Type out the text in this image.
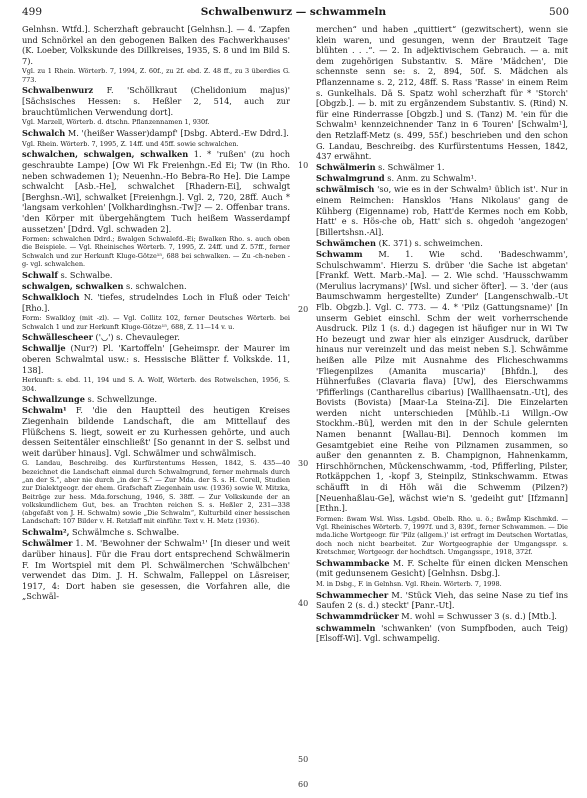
499	Schwalbenwurz — schwammeln	500

Gelnhsn. Wtfd.]. Scherzhaft gebraucht [Gelnhsn.]. — 4. 'Zapfen und Schnörkel an den gebogenen Balken des Fachwerkhauses' (K. Loeber, Volkskunde des Dillkreises, 1935, S. 8 und im Bild S. 7).

Vgl. zu 1 Rhein. Wörterb. 7, 1994, Z. 60f., zu 2f. ebd. Z. 48 ff., zu 3 überdies G. 773.

Schwalbenwurz F. 'Schöllkraut (Chelidonium majus)' [Sächsisches Hessen: s. Heßler 2, 514, auch zur brauchtümlichen Verwendung dort].

Vgl. Marzell, Wörterb. d. dtschn. Pflanzennamen 1, 930f.

Schwalch M. '(heißer Wasser)dampf' [Dsbg. Abterd.-Ew Ddrd.].

Vgl. Rhein. Wörterb. 7, 1995, Z. 14ff. und 45ff. sowie schwalchen.

schwalchen, schwalgen, schwalken 1. * 'rußen' (zu hoch geschraubte Lampe) [Ow Wi Fk Freienhgn.-Ed Ei; Tw (in Rho. neben schwademen 1); Neuenhn.-Ho Bebra-Ro He]. Die Lampe schwalcht [Asb.-He], schwalchet [Rhadern-Ei], schwalgt [Berghsn.-Wi], schwalket [Freienhgn.]. Vgl. 2, 720, 28ff. Auch * 'langsam verkohlen' [Volkhardinghsn.-Tw]? — 2. Offenbar trans. 'den Körper mit übergehängtem Tuch heißem Wasserdampf aussetzen' [Ddrd. Vgl. schwaden 2].

Formen: schwalchen Ddrd.; ßwalgen Schwalefd.-Ei; ßwalken Rho. s. auch oben die Beispiele. — Vgl. Rheinisches Wörterb. 7, 1995, Z. 24ff. und Z. 57ff., ferner Schwalch und zur Herkunft Kluge-Götze¹⁵, 688 bei schwalken. — Zu -ch-neben -g- vgl. schwalchen.

Schwalf s. Schwalbe.

schwalgen, schwalken s. schwalchen.

Schwalkloch N. 'tiefes, strudelndes Loch in Fluß oder Teich' [Rho.].

Form: Swalkloχ (mit -zl). — Vgl. Collitz 102, ferner Deutsches Wörterb. bei Schwalch 1 und zur Herkunft Kluge-Götze¹⁵, 688, Z. 11—14 v. u.

Schwällescheer ('◡') s. Chevauleger.

Schwallje (Nur?) Pl. 'Kartoffeln' [Geheimspr. der Maurer im oberen Schwalmtal usw.: s. Hessische Blätter f. Volkskde. 11, 138].

Herkunft: s. ebd. 11, 194 und S. A. Wolf, Wörterb. des Rotwelschen, 1956, S. 304.

Schwallzunge s. Schwellzunge.

Schwalm¹ F. 'die den Hauptteil des heutigen Kreises Ziegenhain bildende Landschaft, die am Mittellauf des Flüßchens S. liegt, soweit er zu Kurhessen gehörte, und auch dessen Seitentäler einschließt' [So genannt in der S. selbst und weit darüber hinaus]. Vgl. Schwälmer und schwälmisch.

G. Landau, Beschreibg. des Kurfürstentums Hessen, 1842, S. 435—40 bezeichnet die Landschaft einmal durch Schwalmgrund, ferner mehrmals durch „an der S.“, aber nie durch „in der S.“ — Zur Mda. der S. s. H. Corell, Studien zur Dialektgeogr. der ehem. Grafschaft Ziegenhain usw. (1936) sowie W. Mitzka, Beiträge zur hess. Mda.forschung, 1946, S. 38ff. — Zur Volkskunde der an volkskundlichem Gut, bes. an Trachten reichen S. s. Heßler 2, 231—338 (abgefaßt von J. H. Schwalm) sowie „Die Schwalm“, Kulturbild einer hessischen Landschaft: 107 Bilder v. H. Retzlaff mit einführ. Text v. H. Metz (1936).

Schwalm², Schwälmche s. Schwalbe.

Schwälmer 1. M. 'Bewohner der Schwalm¹' [In dieser und weit darüber hinaus]. Für die Frau dort entsprechend Schwälmerin F. Im Wortspiel mit dem Pl. Schwälmerchen 'Schwälbchen' verwendet das Dim. J. H. Schwalm, Falleppel on Läsreiser, 1917, 4: Dort haben sie gesessen, die Vorfahren alle, die „Schwäl-

merchen“ und haben „quittiert“ (gezwitschert), wenn sie klein waren, und gesungen, wenn der Brautzeit Tage blühten . . .“. — 2. In adjektivischem Gebrauch. — a. mit dem zugehörigen Substantiv. S. Märe 'Mädchen', Die schennste senn se: s. 2, 894, 50f. S. Mädchen als Pflanzenname s. 2, 212, 48ff. S. Rass 'Rasse' in einem Reim s. Gunkelhals. Dä S. Spatz wohl scherzhaft für * 'Storch' [Obgzb.]. — b. mit zu ergänzendem Substantiv. S. (Rind) N. für eine Rinderrasse [Obgzb.] und S. (Tanz) M. 'ein für die Schwalm¹ kennzeichnender Tanz in 6 Touren' [Schwalm¹], den Retzlaff-Metz (s. 499, 55f.) beschrieben und den schon G. Landau, Beschreibg. des Kurfürstentums Hessen, 1842, 437 erwähnt.

Schwälmerin s. Schwälmer 1.

Schwalmgrund s. Anm. zu Schwalm¹.

schwälmisch 'so, wie es in der Schwalm¹ üblich ist'. Nur in einem Reimchen: Hansklos 'Hans Nikolaus' gang de Kühberg (Eigenname) rob, Hatt'de Kermes noch em Kobb, Hatt' e s. Hös-che ob, Hatt' sich s. ohgedoh 'angezogen' [Billertshsn.-Al].

Schwämchen (K. 371) s. schweimchen.

Schwamm M. 1. Wie schd. 'Badeschwamm', Schulschwamm'. Hierzu S. drüber 'die Sache ist abgetan' [Frankf. Wett. Marb.-Ma]. — 2. Wie schd. 'Hausschwamm (Merulius lacrymans)' [Wsl. und sicher öfter]. — 3. 'der (aus Baumschwamm hergestellte) Zunder' [Langenschwalb.-Ut Flb. Obgzb.]. Vgl. C. 773. — 4. * 'Pilz (Gattungsname)' [In unserm Gebiet einschl. Schm der weit vorherrschende Ausdruck. Pilz 1 (s. d.) dagegen ist häufiger nur in Wi Tw Ho bezeugt und zwar hier als einziger Ausdruck, darüber hinaus nur vereinzelt und das meist neben S.]. Schwämme heißen alle Pilze mit Ausnahme des Flicheschwamms 'Fliegenpilzes (Amanita muscaria)' [Bhfdn.], des Hühnerfußes (Clavaria flava) [Uw], des Eierschwamms 'Pfifferlings (Cantharellus cibarius) [Walllhaensatn.-Ut], des Bovists (Bovista) [Maar-La Steina-Zi]. Die Einzelarten werden nicht unterschieden [Mühlb.-Li Willgn.-Ow Stockhm.-Bü], werden mit den in der Schule gelernten Namen benannt [Wallau-Bi]. Dennoch kommen im Gesamtgebiet eine Reihe von Pilznamen zusammen, so außer den genannten z. B. Champignon, Hahnenkamm, Hirschhörnchen, Mückenschwamm, -tod, Pfifferling, Pilster, Rotkäppchen 1, -kopf 3, Steinpilz, Stinkschwamm. Etwas schäufft in di Höh wäi die Schwemm (Pilzen?) [Neuenhaßlau-Ge], wächst wie'n S. 'gedeiht gut' [Ifzmann] [Ethn.].

Formen: ßwam Wsl. Wiss. Lgsbd. Obelb. Rho. u. ö.; ßwåmp Kischmkd. — Vgl. Rheinisches Wörterb. 7, 1997f. und 3, 839f., ferner Schwammen. — Die mda.liche Wortgeogr. für 'Pilz (allgem.)' ist erfragt im Deutschen Wortatlas, doch noch nicht bearbeitet. Zur Wortgeographie der Umgangsspr. s. Kretschmer, Wortgeogr. der hochdtsch. Umgangsspr., 1918, 372f.

Schwammbacke M. F. Schelte für einen dicken Menschen (mit gedunsenem Gesicht) [Gelnhsn. Dsbg.].

M. in Dsbg., F. in Gelnhsn. Vgl. Rhein. Wörterb. 7, 1998.

Schwammecher M. 'Stück Vieh, das seine Nase zu tief ins Saufen 2 (s. d.) steckt' [Panr.-Ut].

Schwammdrücker M. wohl = Schwusser 3 (s. d.) [Mtb.].

schwammeln 'schwanken' (von Sumpfboden, auch Teig) [Elsoff-Wi]. Vgl. schwampelig.

10
20
30
40
50
60
